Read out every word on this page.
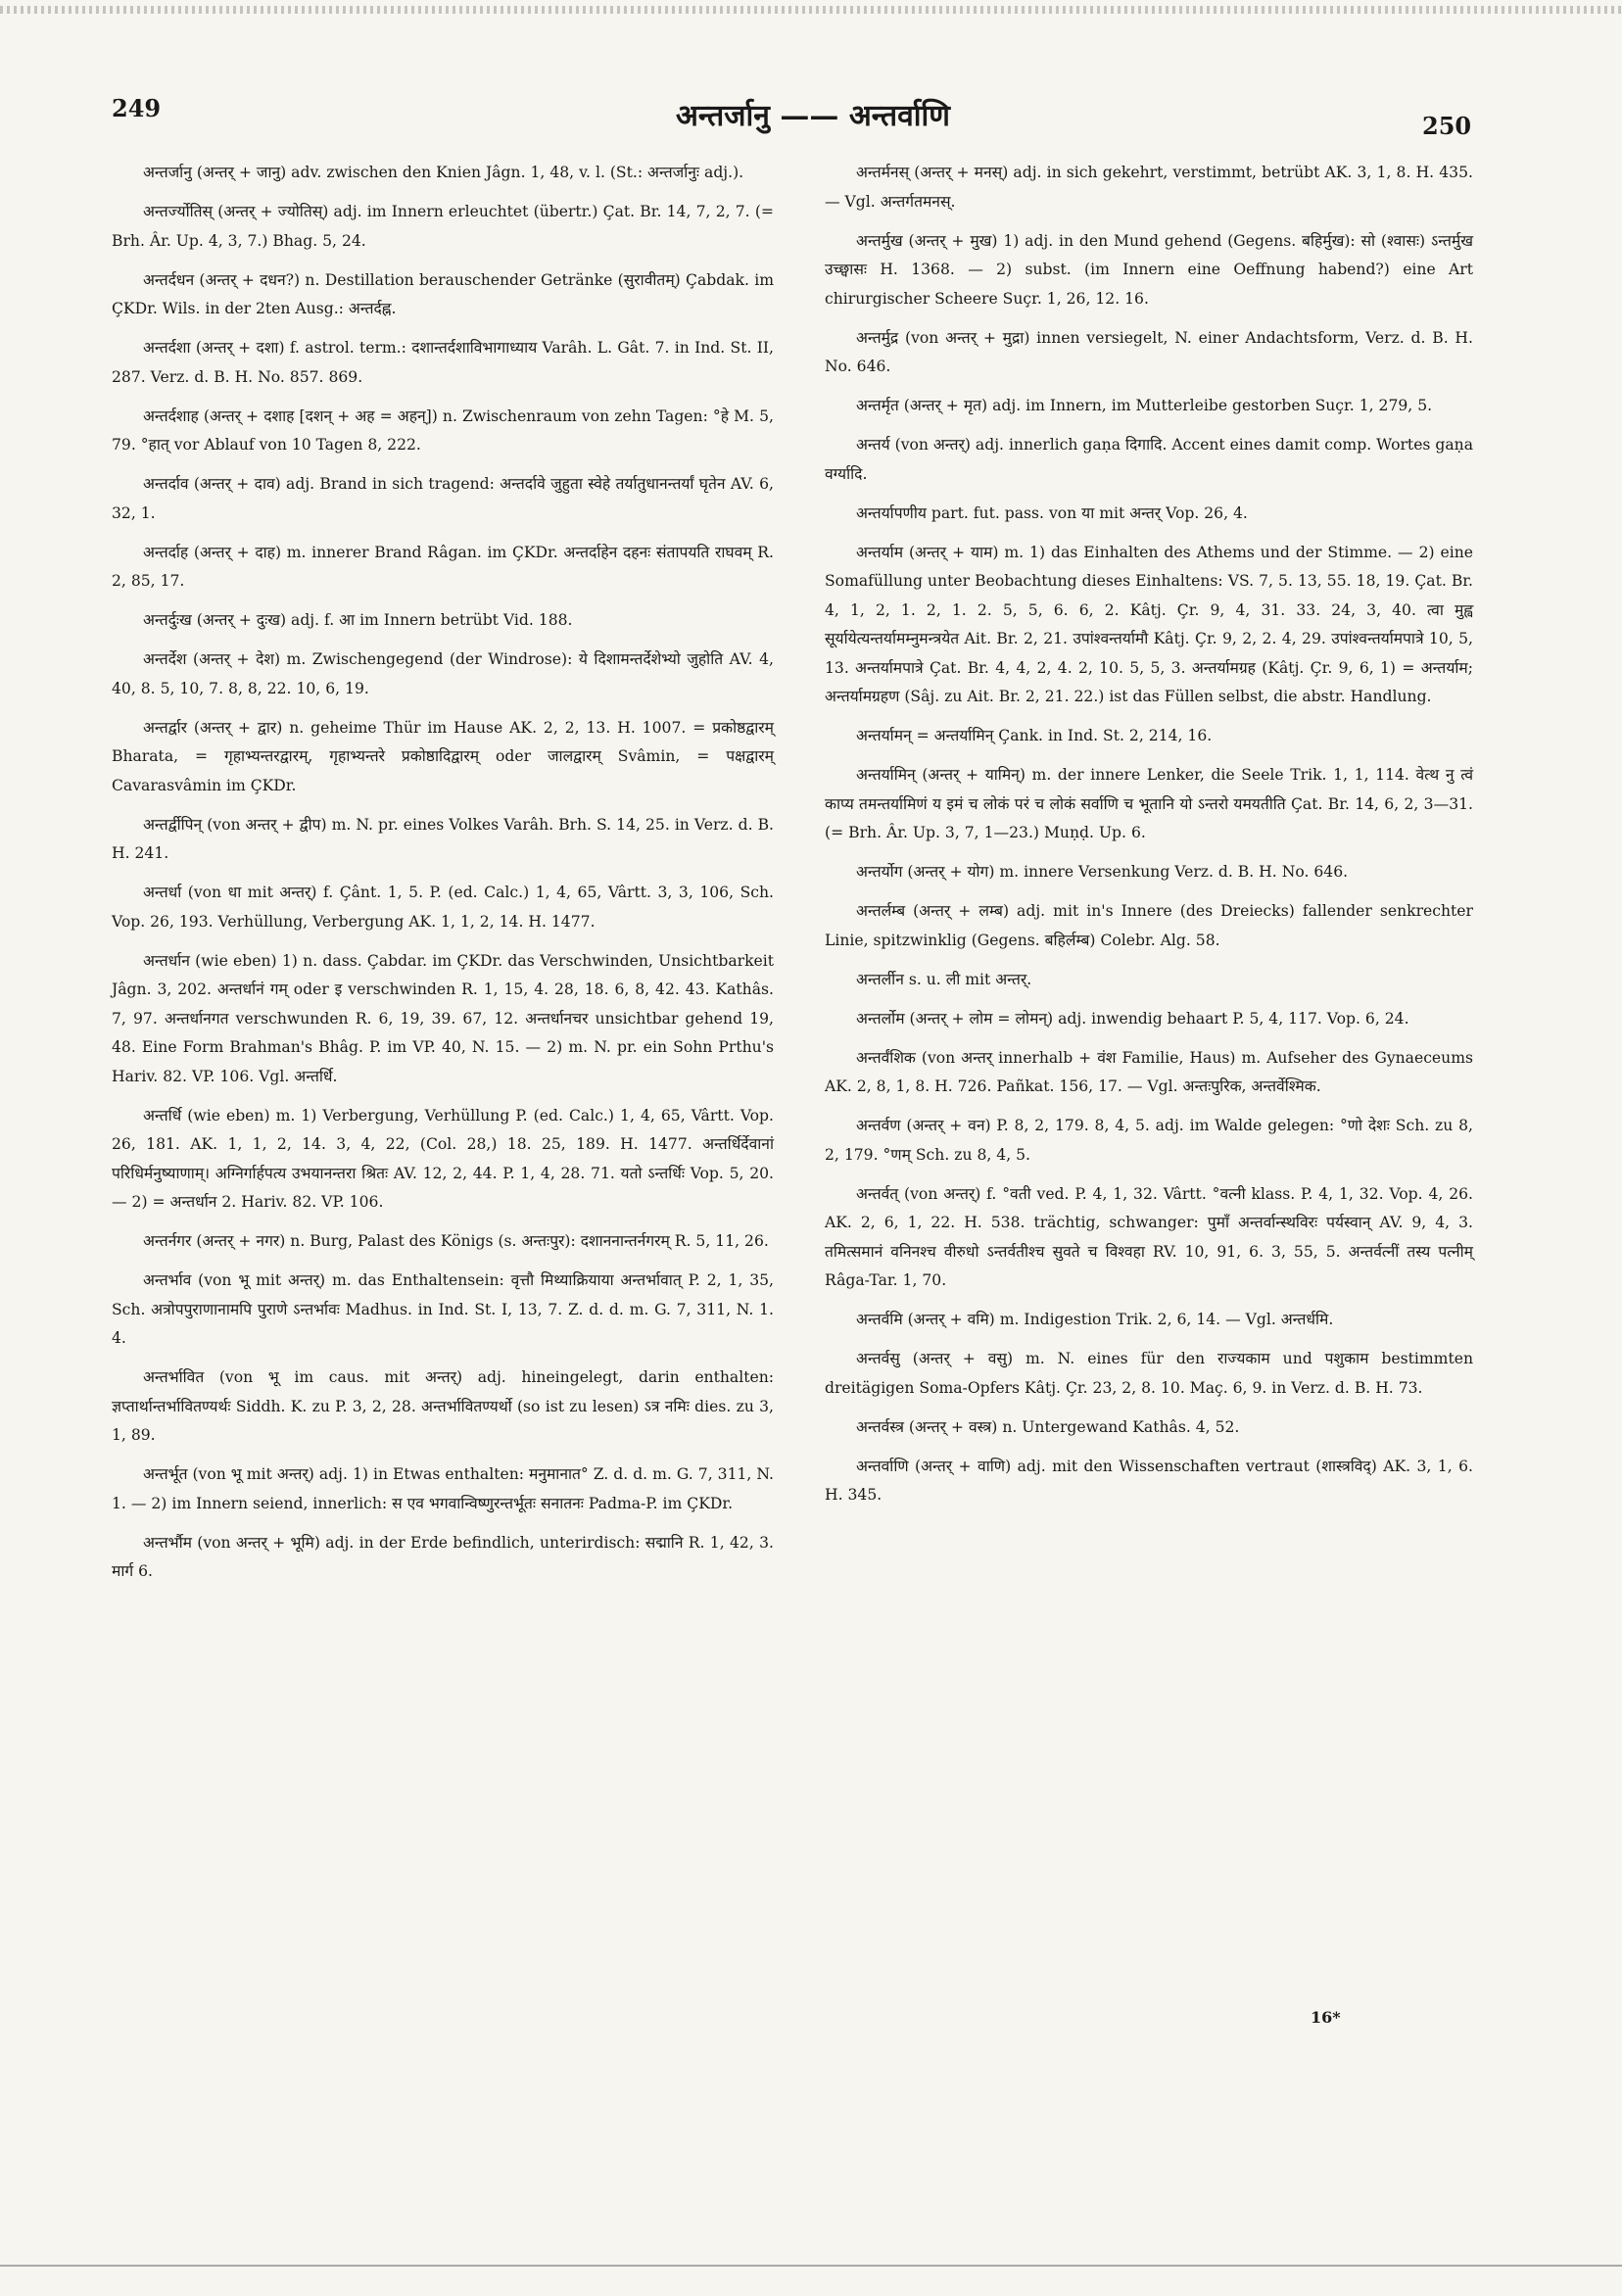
249	अन्तर्जानु —— अन्तर्वाणि	250

अन्तर्जानु (अन्तर् + जानु) adv. zwischen den Knien Jâgn. 1, 48, v. l. (St.: अन्तर्जानुः adj.).

अन्तर्ज्योतिस् (अन्तर् + ज्योतिस्) adj. im Innern erleuchtet (übertr.) Çat. Br. 14, 7, 2, 7. (= Brh. Âr. Up. 4, 3, 7.) Bhag. 5, 24.

अन्तर्दधन (अन्तर् + दधन?) n. Destillation berauschender Getränke (सुरावीतम्) Çabdak. im ÇKDr. Wils. in der 2ten Ausg.: अन्तर्दह्न.

अन्तर्दशा (अन्तर् + दशा) f. astrol. term.: दशान्तर्दशाविभागाध्याय Varâh. L. Gât. 7. in Ind. St. II, 287. Verz. d. B. H. No. 857. 869.

अन्तर्दशाह (अन्तर् + दशाह [दशन् + अह = अहन्]) n. Zwischenraum von zehn Tagen: °हे M. 5, 79. °हात् vor Ablauf von 10 Tagen 8, 222.

अन्तर्दाव (अन्तर् + दाव) adj. Brand in sich tragend: अन्तर्दावे जुहुता स्वेहे तर्यातुधानन्तर्यां घृतेन AV. 6, 32, 1.

अन्तर्दाह (अन्तर् + दाह) m. innerer Brand Râgan. im ÇKDr. अन्तर्दाहेन दहनः संतापयति राघवम् R. 2, 85, 17.

अन्तर्दुःख (अन्तर् + दुःख) adj. f. आ im Innern betrübt Vid. 188.

अन्तर्देश (अन्तर् + देश) m. Zwischengegend (der Windrose): ये दिशामन्तर्देशेभ्यो जुहोति AV. 4, 40, 8. 5, 10, 7. 8, 8, 22. 10, 6, 19.

अन्तर्द्वार (अन्तर् + द्वार) n. geheime Thür im Hause AK. 2, 2, 13. H. 1007. = प्रकोष्ठद्वारम् Bharata, = गृहाभ्यन्तरद्वारम्, गृहाभ्यन्तरे प्रकोष्ठादिद्वारम् oder जालद्वारम् Svâmin, = पक्षद्वारम् Cavarasvâmin im ÇKDr.

अन्तर्द्वीपिन् (von अन्तर् + द्वीप) m. N. pr. eines Volkes Varâh. Brh. S. 14, 25. in Verz. d. B. H. 241.

अन्तर्धा (von धा mit अन्तर्) f. Çânt. 1, 5. P. (ed. Calc.) 1, 4, 65, Vârtt. 3, 3, 106, Sch. Vop. 26, 193. Verhüllung, Verbergung AK. 1, 1, 2, 14. H. 1477.

अन्तर्धान (wie eben) 1) n. dass. Çabdar. im ÇKDr. das Verschwinden, Unsichtbarkeit Jâgn. 3, 202. अन्तर्धानं गम् oder इ verschwinden R. 1, 15, 4. 28, 18. 6, 8, 42. 43. Kathâs. 7, 97. अन्तर्धानगत verschwunden R. 6, 19, 39. 67, 12. अन्तर्धानचर unsichtbar gehend 19, 48. Eine Form Brahman's Bhâg. P. im VP. 40, N. 15. — 2) m. N. pr. ein Sohn Prthu's Hariv. 82. VP. 106. Vgl. अन्तर्धि.

अन्तर्धि (wie eben) m. 1) Verbergung, Verhüllung P. (ed. Calc.) 1, 4, 65, Vârtt. Vop. 26, 181. AK. 1, 1, 2, 14. 3, 4, 22, (Col. 28,) 18. 25, 189. H. 1477. अन्तर्धिर्देवानां परिधिर्मनुष्याणाम्। अग्निर्गार्हपत्य उभयानन्तरा श्रितः AV. 12, 2, 44. P. 1, 4, 28. 71. यतो ऽन्तर्धिः Vop. 5, 20. — 2) = अन्तर्धान 2. Hariv. 82. VP. 106.

अन्तर्नगर (अन्तर् + नगर) n. Burg, Palast des Königs (s. अन्तःपुर): दशाननान्तर्नगरम् R. 5, 11, 26.

अन्तर्भाव (von भू mit अन्तर्) m. das Enthaltensein: वृत्तौ मिथ्याक्रियाया अन्तर्भावात् P. 2, 1, 35, Sch. अत्रोपपुराणानामपि पुराणे ऽन्तर्भावः Madhus. in Ind. St. I, 13, 7. Z. d. d. m. G. 7, 311, N. 1. 4.

अन्तर्भावित (von भू im caus. mit अन्तर्) adj. hineingelegt, darin enthalten: ज्ञप्तार्थान्तर्भावितण्यर्थः Siddh. K. zu P. 3, 2, 28. अन्तर्भावितण्यर्थो (so ist zu lesen) ऽत्र नमिः dies. zu 3, 1, 89.

अन्तर्भूत (von भू mit अन्तर्) adj. 1) in Etwas enthalten: मनुमानात° Z. d. d. m. G. 7, 311, N. 1. — 2) im Innern seiend, innerlich: स एव भगवान्विष्णुरन्तर्भूतः सनातनः Padma-P. im ÇKDr.

अन्तर्भौम (von अन्तर् + भूमि) adj. in der Erde befindlich, unterirdisch: सद्मानि R. 1, 42, 3. मार्ग 6.

अन्तर्मनस् (अन्तर् + मनस्) adj. in sich gekehrt, verstimmt, betrübt AK. 3, 1, 8. H. 435. — Vgl. अन्तर्गतमनस्.

अन्तर्मुख (अन्तर् + मुख) 1) adj. in den Mund gehend (Gegens. बहिर्मुख): सो (श्वासः) ऽन्तर्मुख उच्छ्वासः H. 1368. — 2) subst. (im Innern eine Oeffnung habend?) eine Art chirurgischer Scheere Suçr. 1, 26, 12. 16.

अन्तर्मुद्र (von अन्तर् + मुद्रा) innen versiegelt, N. einer Andachtsform, Verz. d. B. H. No. 646.

अन्तर्मृत (अन्तर् + मृत) adj. im Innern, im Mutterleibe gestorben Suçr. 1, 279, 5.

अन्तर्य (von अन्तर्) adj. innerlich gaṇa दिगादि. Accent eines damit comp. Wortes gaṇa वर्ग्यादि.

अन्तर्यापणीय part. fut. pass. von या mit अन्तर् Vop. 26, 4.

अन्तर्याम (अन्तर् + याम) m. 1) das Einhalten des Athems und der Stimme. — 2) eine Somafüllung unter Beobachtung dieses Einhaltens: VS. 7, 5. 13, 55. 18, 19. Çat. Br. 4, 1, 2, 1. 2, 1. 2. 5, 5, 6. 6, 2. Kâtj. Çr. 9, 4, 31. 33. 24, 3, 40. त्वा मुह्व सूर्यायेत्यन्तर्यामम्नुमन्त्रयेत Ait. Br. 2, 21. उपांश्वन्तर्यामौ Kâtj. Çr. 9, 2, 2. 4, 29. उपांश्वन्तर्यामपात्रे 10, 5, 13. अन्तर्यामपात्रे Çat. Br. 4, 4, 2, 4. 2, 10. 5, 5, 3. अन्तर्यामग्रह (Kâtj. Çr. 9, 6, 1) = अन्तर्याम; अन्तर्यामग्रहण (Sâj. zu Ait. Br. 2, 21. 22.) ist das Füllen selbst, die abstr. Handlung.

अन्तर्यामन् = अन्तर्यामिन् Çank. in Ind. St. 2, 214, 16.

अन्तर्यामिन् (अन्तर् + यामिन्) m. der innere Lenker, die Seele Trik. 1, 1, 114. वेत्थ नु त्वं काप्य तमन्तर्यामिणं य इमं च लोकं परं च लोकं सर्वाणि च भूतानि यो ऽन्तरो यमयतीति Çat. Br. 14, 6, 2, 3—31. (= Brh. Âr. Up. 3, 7, 1—23.) Muṇḍ. Up. 6.

अन्तर्योग (अन्तर् + योग) m. innere Versenkung Verz. d. B. H. No. 646.

अन्तर्लम्ब (अन्तर् + लम्ब) adj. mit in's Innere (des Dreiecks) fallender senkrechter Linie, spitzwinklig (Gegens. बहिर्लम्ब) Colebr. Alg. 58.

अन्तर्लीन s. u. ली mit अन्तर्.

अन्तर्लोम (अन्तर् + लोम = लोमन्) adj. inwendig behaart P. 5, 4, 117. Vop. 6, 24.

अन्तर्वंशिक (von अन्तर् innerhalb + वंश Familie, Haus) m. Aufseher des Gynaeceums AK. 2, 8, 1, 8. H. 726. Pañkat. 156, 17. — Vgl. अन्तःपुरिक, अन्तर्वेश्मिक.

अन्तर्वण (अन्तर् + वन) P. 8, 2, 179. 8, 4, 5. adj. im Walde gelegen: °णो देशः Sch. zu 8, 2, 179. °णम् Sch. zu 8, 4, 5.

अन्तर्वत् (von अन्तर्) f. °वती ved. P. 4, 1, 32. Vârtt. °वत्नी klass. P. 4, 1, 32. Vop. 4, 26. AK. 2, 6, 1, 22. H. 538. trächtig, schwanger: पुमाँ अन्तर्वान्स्थविरः पर्यस्वान् AV. 9, 4, 3. तमित्समानं वनिनश्च वीरुधो ऽन्तर्वतीश्च सुवते च विश्वहा RV. 10, 91, 6. 3, 55, 5. अन्तर्वत्नीं तस्य पत्नीम् Râga-Tar. 1, 70.

अन्तर्वमि (अन्तर् + वमि) m. Indigestion Trik. 2, 6, 14. — Vgl. अन्तर्धमि.

अन्तर्वसु (अन्तर् + वसु) m. N. eines für den राज्यकाम und पशुकाम bestimmten dreitägigen Soma-Opfers Kâtj. Çr. 23, 2, 8. 10. Maç. 6, 9. in Verz. d. B. H. 73.

अन्तर्वस्त्र (अन्तर् + वस्त्र) n. Untergewand Kathâs. 4, 52.

अन्तर्वाणि (अन्तर् + वाणि) adj. mit den Wissenschaften vertraut (शास्त्रविद्) AK. 3, 1, 6. H. 345.

16*
